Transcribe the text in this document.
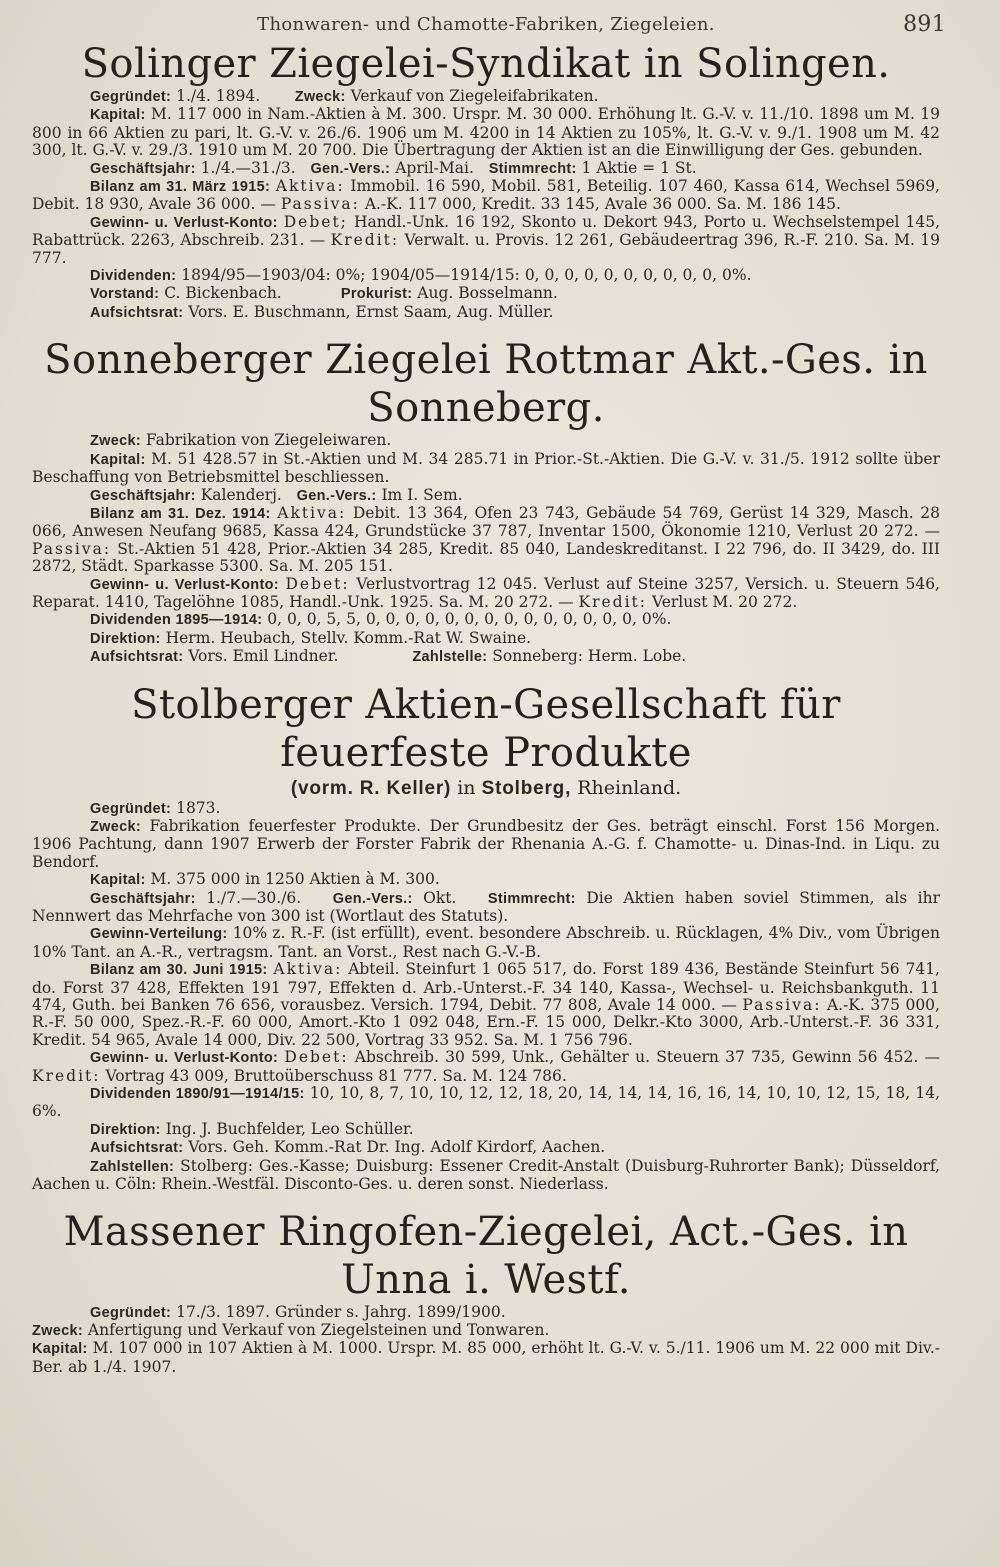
Thonwaren- und Chamotte-Fabriken, Ziegeleien.	891
Solinger Ziegelei-Syndikat in Solingen.

Gegründet: 1./4. 1894. Zweck: Verkauf von Ziegeleifabrikaten.

Kapital: M. 117 000 in Nam.-Aktien à M. 300. Urspr. M. 30 000. Erhöhung lt. G.-V. v. 11./10. 1898 um M. 19 800 in 66 Aktien zu pari, lt. G.-V. v. 26./6. 1906 um M. 4200 in 14 Aktien zu 105%, lt. G.-V. v. 9./1. 1908 um M. 42 300, lt. G.-V. v. 29./3. 1910 um M. 20 700. Die Übertragung der Aktien ist an die Einwilligung der Ges. gebunden.

Geschäftsjahr: 1./4.—31./3. Gen.-Vers.: April-Mai. Stimmrecht: 1 Aktie = 1 St.

Bilanz am 31. März 1915: Aktiva: Immobil. 16 590, Mobil. 581, Beteilig. 107 460, Kassa 614, Wechsel 5969, Debit. 18 930, Avale 36 000. — Passiva: A.-K. 117 000, Kredit. 33 145, Avale 36 000. Sa. M. 186 145.

Gewinn- u. Verlust-Konto: Debet; Handl.-Unk. 16 192, Skonto u. Dekort 943, Porto u. Wechselstempel 145, Rabattrück. 2263, Abschreib. 231. — Kredit: Verwalt. u. Provis. 12 261, Gebäudeertrag 396, R.-F. 210. Sa. M. 19 777.

Dividenden: 1894/95—1903/04: 0%; 1904/05—1914/15: 0, 0, 0, 0, 0, 0, 0, 0, 0, 0, 0%.

Vorstand: C. Bickenbach.	Prokurist: Aug. Bosselmann.

Aufsichtsrat: Vors. E. Buschmann, Ernst Saam, Aug. Müller.

Sonneberger Ziegelei Rottmar Akt.-Ges. in Sonneberg.

Zweck: Fabrikation von Ziegeleiwaren.

Kapital: M. 51 428.57 in St.-Aktien und M. 34 285.71 in Prior.-St.-Aktien. Die G.-V. v. 31./5. 1912 sollte über Beschaffung von Betriebsmittel beschliessen.

Geschäftsjahr: Kalenderj. Gen.-Vers.: Im I. Sem.

Bilanz am 31. Dez. 1914: Aktiva: Debit. 13 364, Ofen 23 743, Gebäude 54 769, Gerüst 14 329, Masch. 28 066, Anwesen Neufang 9685, Kassa 424, Grundstücke 37 787, Inventar 1500, Ökonomie 1210, Verlust 20 272. — Passiva: St.-Aktien 51 428, Prior.-Aktien 34 285, Kredit. 85 040, Landeskreditanst. I 22 796, do. II 3429, do. III 2872, Städt. Sparkasse 5300. Sa. M. 205 151.

Gewinn- u. Verlust-Konto: Debet: Verlustvortrag 12 045. Verlust auf Steine 3257, Versich. u. Steuern 546, Reparat. 1410, Tagelöhne 1085, Handl.-Unk. 1925. Sa. M. 20 272. — Kredit: Verlust M. 20 272.

Dividenden 1895—1914: 0, 0, 0, 5, 5, 0, 0, 0, 0, 0, 0, 0, 0, 0, 0, 0, 0, 0, 0, 0%.

Direktion: Herm. Heubach, Stellv. Komm.-Rat W. Swaine.

Aufsichtsrat: Vors. Emil Lindner.	Zahlstelle: Sonneberg: Herm. Lobe.

Stolberger Aktien-Gesellschaft für feuerfeste Produkte
(vorm. R. Keller) in Stolberg, Rheinland.

Gegründet: 1873.

Zweck: Fabrikation feuerfester Produkte. Der Grundbesitz der Ges. beträgt einschl. Forst 156 Morgen. 1906 Pachtung, dann 1907 Erwerb der Forster Fabrik der Rhenania A.-G. f. Chamotte- u. Dinas-Ind. in Liqu. zu Bendorf.

Kapital: M. 375 000 in 1250 Aktien à M. 300.

Geschäftsjahr: 1./7.—30./6. Gen.-Vers.: Okt. Stimmrecht: Die Aktien haben soviel Stimmen, als ihr Nennwert das Mehrfache von 300 ist (Wortlaut des Statuts).

Gewinn-Verteilung: 10% z. R.-F. (ist erfüllt), event. besondere Abschreib. u. Rücklagen, 4% Div., vom Übrigen 10% Tant. an A.-R., vertragsm. Tant. an Vorst., Rest nach G.-V.-B.

Bilanz am 30. Juni 1915: Aktiva: Abteil. Steinfurt 1 065 517, do. Forst 189 436, Bestände Steinfurt 56 741, do. Forst 37 428, Effekten 191 797, Effekten d. Arb.-Unterst.-F. 34 140, Kassa-, Wechsel- u. Reichsbankguth. 11 474, Guth. bei Banken 76 656, vorausbez. Versich. 1794, Debit. 77 808, Avale 14 000. — Passiva: A.-K. 375 000, R.-F. 50 000, Spez.-R.-F. 60 000, Amort.-Kto 1 092 048, Ern.-F. 15 000, Delkr.-Kto 3000, Arb.-Unterst.-F. 36 331, Kredit. 54 965, Avale 14 000, Div. 22 500, Vortrag 33 952. Sa. M. 1 756 796.

Gewinn- u. Verlust-Konto: Debet: Abschreib. 30 599, Unk., Gehälter u. Steuern 37 735, Gewinn 56 452. — Kredit: Vortrag 43 009, Bruttoüberschuss 81 777. Sa. M. 124 786.

Dividenden 1890/91—1914/15: 10, 10, 8, 7, 10, 10, 12, 12, 18, 20, 14, 14, 14, 16, 16, 14, 10, 10, 12, 15, 18, 14, 6%.

Direktion: Ing. J. Buchfelder, Leo Schüller.

Aufsichtsrat: Vors. Geh. Komm.-Rat Dr. Ing. Adolf Kirdorf, Aachen.

Zahlstellen: Stolberg: Ges.-Kasse; Duisburg: Essener Credit-Anstalt (Duisburg-Ruhrorter Bank); Düsseldorf, Aachen u. Cöln: Rhein.-Westfäl. Disconto-Ges. u. deren sonst. Niederlass.

Massener Ringofen-Ziegelei, Act.-Ges. in Unna i. Westf.

Gegründet: 17./3. 1897. Gründer s. Jahrg. 1899/1900.

Zweck: Anfertigung und Verkauf von Ziegelsteinen und Tonwaren.

Kapital: M. 107 000 in 107 Aktien à M. 1000. Urspr. M. 85 000, erhöht lt. G.-V. v. 5./11. 1906 um M. 22 000 mit Div.-Ber. ab 1./4. 1907.
